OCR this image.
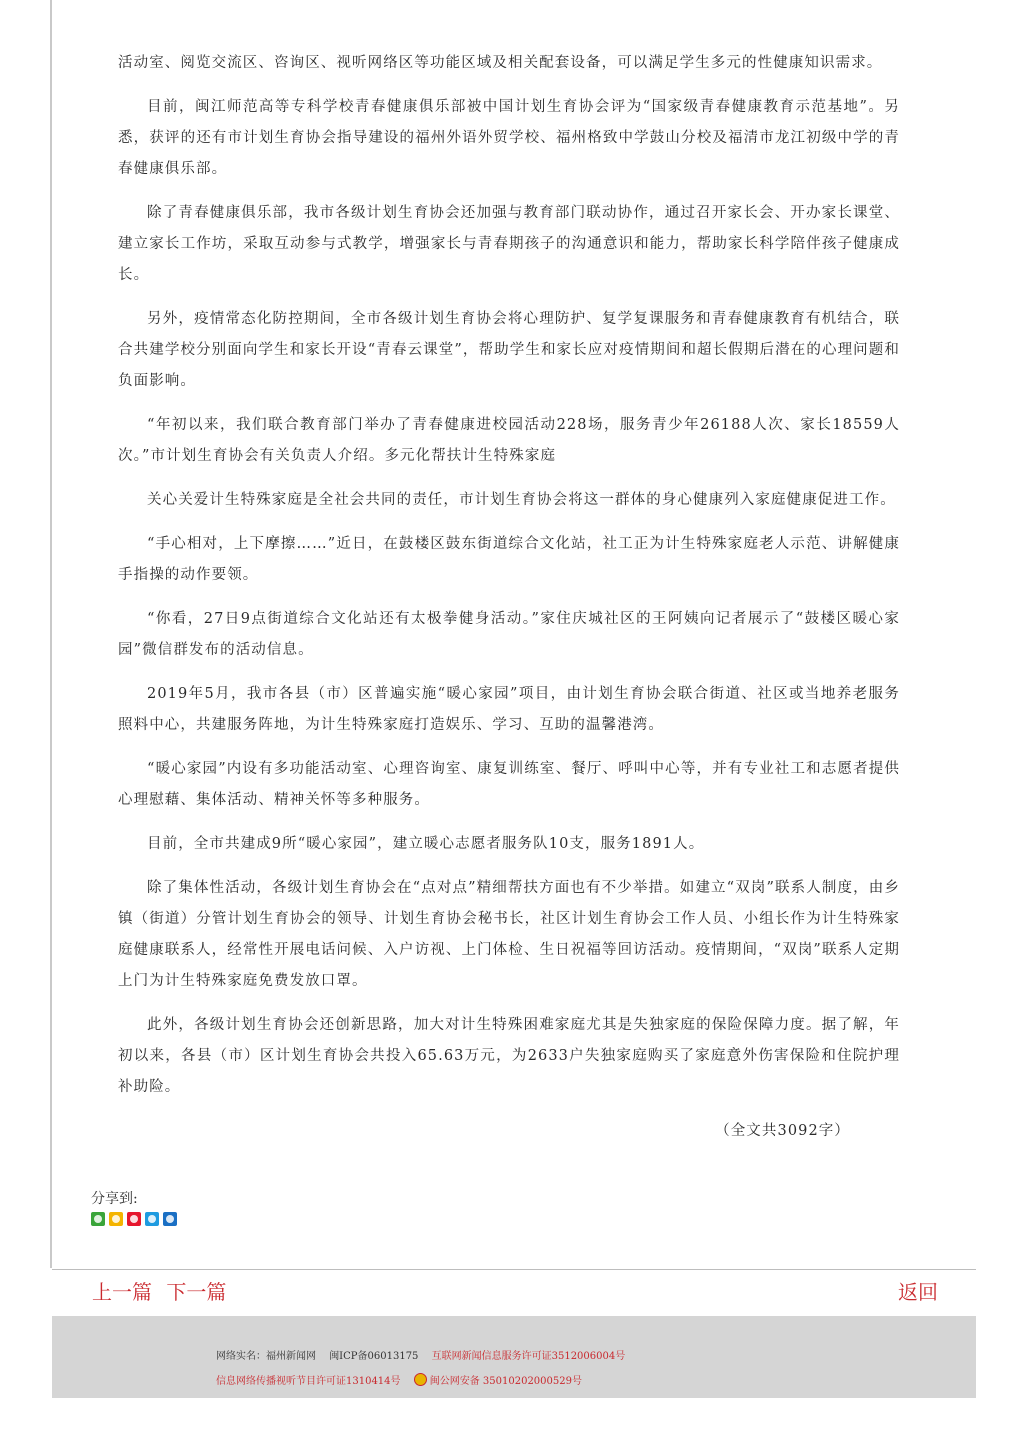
活动室、阅览交流区、咨询区、视听网络区等功能区域及相关配套设备，可以满足学生多元的性健康知识需求。

目前，闽江师范高等专科学校青春健康俱乐部被中国计划生育协会评为“国家级青春健康教育示范基地”。另悉，获评的还有市计划生育协会指导建设的福州外语外贸学校、福州格致中学鼓山分校及福清市龙江初级中学的青春健康俱乐部。

除了青春健康俱乐部，我市各级计划生育协会还加强与教育部门联动协作，通过召开家长会、开办家长课堂、建立家长工作坊，采取互动参与式教学，增强家长与青春期孩子的沟通意识和能力，帮助家长科学陪伴孩子健康成长。

另外，疫情常态化防控期间，全市各级计划生育协会将心理防护、复学复课服务和青春健康教育有机结合，联合共建学校分别面向学生和家长开设“青春云课堂”，帮助学生和家长应对疫情期间和超长假期后潜在的心理问题和负面影响。

“年初以来，我们联合教育部门举办了青春健康进校园活动228场，服务青少年26188人次、家长18559人次。”市计划生育协会有关负责人介绍。多元化帮扶计生特殊家庭

关心关爱计生特殊家庭是全社会共同的责任，市计划生育协会将这一群体的身心健康列入家庭健康促进工作。

“手心相对，上下摩擦……”近日，在鼓楼区鼓东街道综合文化站，社工正为计生特殊家庭老人示范、讲解健康手指操的动作要领。

“你看，27日9点街道综合文化站还有太极拳健身活动。”家住庆城社区的王阿姨向记者展示了“鼓楼区暖心家园”微信群发布的活动信息。

2019年5月，我市各县（市）区普遍实施“暖心家园”项目，由计划生育协会联合街道、社区或当地养老服务照料中心，共建服务阵地，为计生特殊家庭打造娱乐、学习、互助的温馨港湾。

“暖心家园”内设有多功能活动室、心理咨询室、康复训练室、餐厅、呼叫中心等，并有专业社工和志愿者提供心理慰藉、集体活动、精神关怀等多种服务。

目前，全市共建成9所“暖心家园”，建立暖心志愿者服务队10支，服务1891人。

除了集体性活动，各级计划生育协会在“点对点”精细帮扶方面也有不少举措。如建立“双岗”联系人制度，由乡镇（街道）分管计划生育协会的领导、计划生育协会秘书长，社区计划生育协会工作人员、小组长作为计生特殊家庭健康联系人，经常性开展电话问候、入户访视、上门体检、生日祝福等回访活动。疫情期间，“双岗”联系人定期上门为计生特殊家庭免费发放口罩。

此外，各级计划生育协会还创新思路，加大对计生特殊困难家庭尤其是失独家庭的保险保障力度。据了解，年初以来，各县（市）区计划生育协会共投入65.63万元，为2633户失独家庭购买了家庭意外伤害保险和住院护理补助险。

（全文共3092字）

分享到:
上一篇 下一篇	返回
网络实名：福州新闻网 闽ICP备06013175 互联网新闻信息服务许可证3512006004号
信息网络传播视听节目许可证1310414号	闽公网安备 35010202000529号
